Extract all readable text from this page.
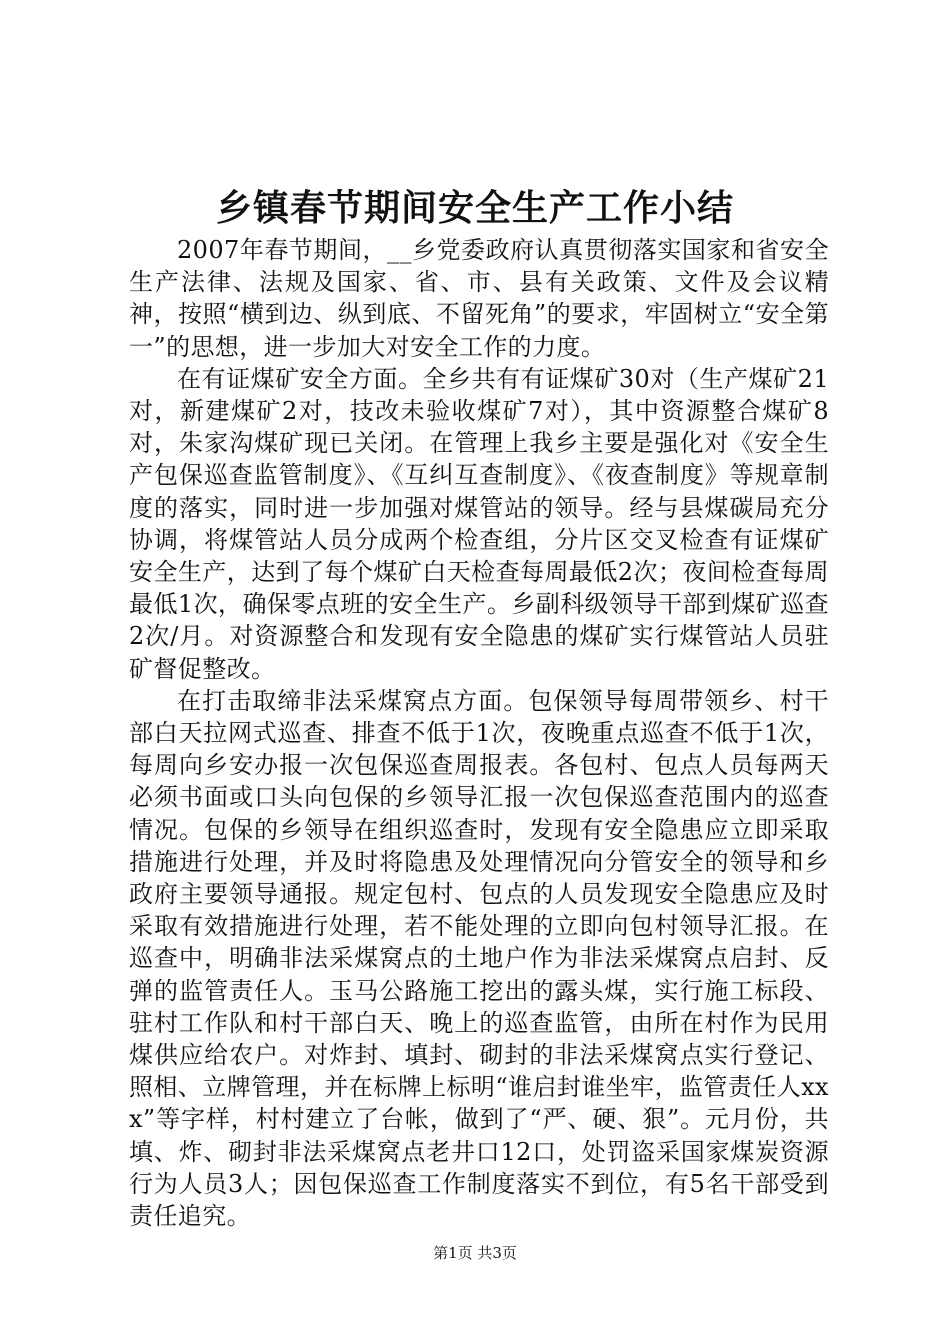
乡镇春节期间安全生产工作小结

2007年春节期间，__乡党委政府认真贯彻落实国家和省安全生产法律、法规及国家、省、市、县有关政策、文件及会议精神，按照“横到边、纵到底、不留死角”的要求，牢固树立“安全第一”的思想，进一步加大对安全工作的力度。

在有证煤矿安全方面。全乡共有有证煤矿30对（生产煤矿21对，新建煤矿2对，技改未验收煤矿7对），其中资源整合煤矿8对，朱家沟煤矿现已关闭。在管理上我乡主要是强化对《安全生产包保巡查监管制度》、《互纠互查制度》、《夜查制度》等规章制度的落实，同时进一步加强对煤管站的领导。经与县煤碳局充分协调，将煤管站人员分成两个检查组，分片区交叉检查有证煤矿安全生产，达到了每个煤矿白天检查每周最低2次；夜间检查每周最低1次，确保零点班的安全生产。乡副科级领导干部到煤矿巡查2次/月。对资源整合和发现有安全隐患的煤矿实行煤管站人员驻矿督促整改。

在打击取缔非法采煤窝点方面。包保领导每周带领乡、村干部白天拉网式巡查、排查不低于1次，夜晚重点巡查不低于1次，每周向乡安办报一次包保巡查周报表。各包村、包点人员每两天必须书面或口头向包保的乡领导汇报一次包保巡查范围内的巡查情况。包保的乡领导在组织巡查时，发现有安全隐患应立即采取措施进行处理，并及时将隐患及处理情况向分管安全的领导和乡政府主要领导通报。规定包村、包点的人员发现安全隐患应及时采取有效措施进行处理，若不能处理的立即向包村领导汇报。在巡查中，明确非法采煤窝点的土地户作为非法采煤窝点启封、反弹的监管责任人。玉马公路施工挖出的露头煤，实行施工标段、驻村工作队和村干部白天、晚上的巡查监管，由所在村作为民用煤供应给农户。对炸封、填封、砌封的非法采煤窝点实行登记、照相、立牌管理，并在标牌上标明“谁启封谁坐牢，监管责任人xxx”等字样，村村建立了台帐，做到了“严、硬、狠”。元月份，共填、炸、砌封非法采煤窝点老井口12口，处罚盗采国家煤炭资源行为人员3人；因包保巡查工作制度落实不到位，有5名干部受到责任追究。

第1页 共3页
